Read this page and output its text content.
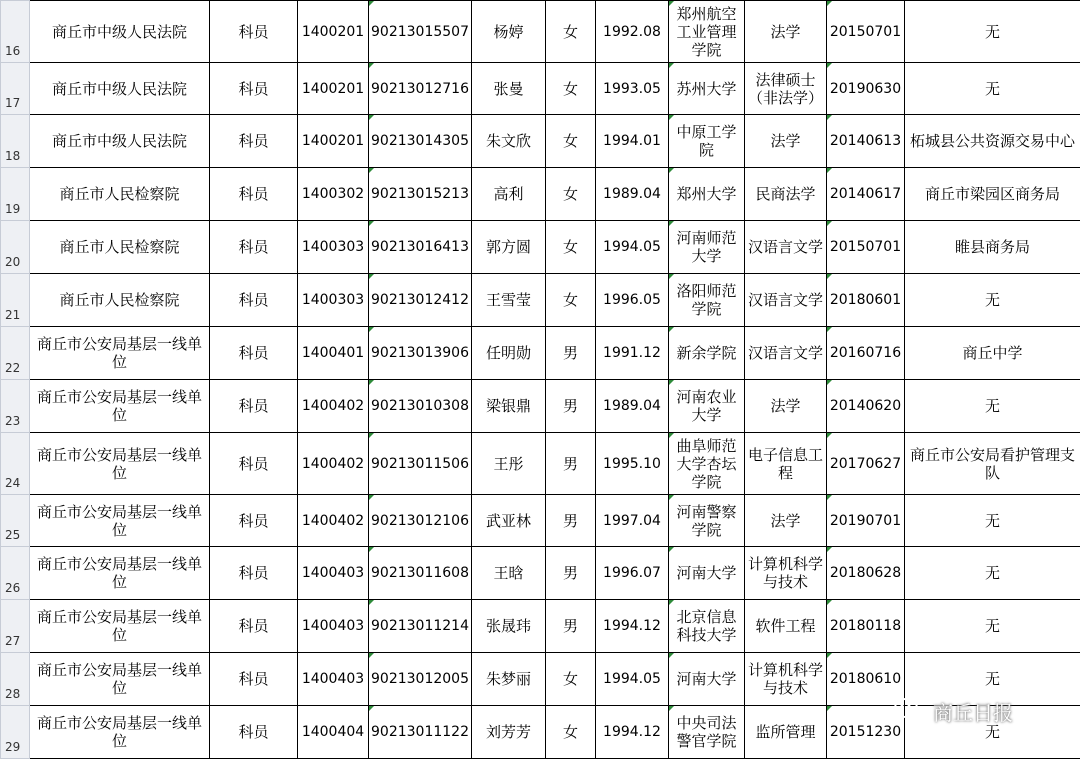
16	商丘市中级人民法院	科员	1400201	90213015507	杨婷	女	1992.08	郑州航空工业管理学院	法学	20150701	无
17	商丘市中级人民法院	科员	1400201	90213012716	张曼	女	1993.05	苏州大学	法律硕士（非法学）	20190630	无
18	商丘市中级人民法院	科员	1400201	90213014305	朱文欣	女	1994.01	中原工学院	法学	20140613	柘城县公共资源交易中心
19	商丘市人民检察院	科员	1400302	90213015213	高利	女	1989.04	郑州大学	民商法学	20140617	商丘市梁园区商务局
20	商丘市人民检察院	科员	1400303	90213016413	郭方圆	女	1994.05	河南师范大学	汉语言文学	20150701	睢县商务局
21	商丘市人民检察院	科员	1400303	90213012412	王雪莹	女	1996.05	洛阳师范学院	汉语言文学	20180601	无
22	商丘市公安局基层一线单位	科员	1400401	90213013906	任明勋	男	1991.12	新余学院	汉语言文学	20160716	商丘中学
23	商丘市公安局基层一线单位	科员	1400402	90213010308	梁银鼎	男	1989.04	河南农业大学	法学	20140620	无
24	商丘市公安局基层一线单位	科员	1400402	90213011506	王彤	男	1995.10	曲阜师范大学杏坛学院	电子信息工程	20170627	商丘市公安局看护管理支队
25	商丘市公安局基层一线单位	科员	1400402	90213012106	武亚林	男	1997.04	河南警察学院	法学	20190701	无
26	商丘市公安局基层一线单位	科员	1400403	90213011608	王晗	男	1996.07	河南大学	计算机科学与技术	20180628	无
27	商丘市公安局基层一线单位	科员	1400403	90213011214	张晟玮	男	1994.12	北京信息科技大学	软件工程	20180118	无
28	商丘市公安局基层一线单位	科员	1400403	90213012005	朱梦丽	女	1994.05	河南大学	计算机科学与技术	20180610	无
29	商丘市公安局基层一线单位	科员	1400404	90213011122	刘芳芳	女	1994.12	中央司法警官学院	监所管理	20151230	无
商丘日报
